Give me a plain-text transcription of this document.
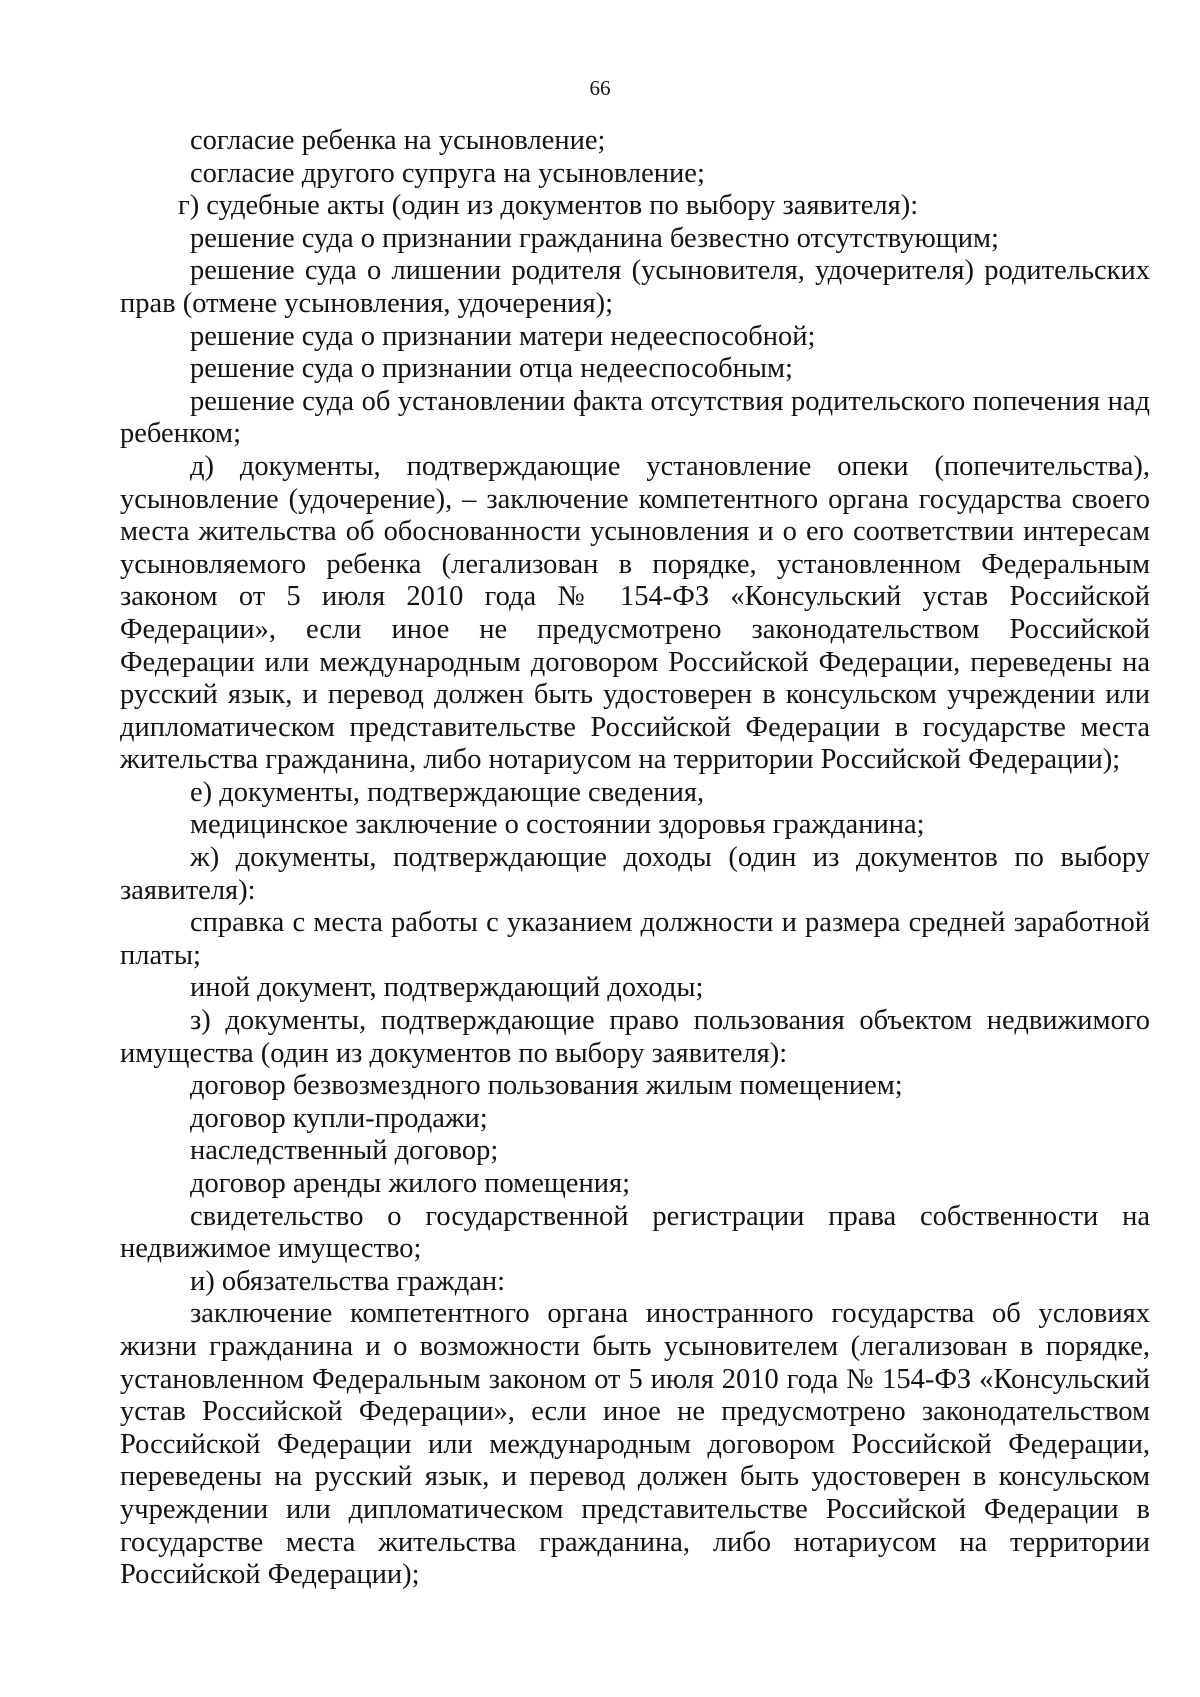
66

согласие ребенка на усыновление;

согласие другого супруга на усыновление;

г) судебные акты (один из документов по выбору заявителя):

решение суда о признании гражданина безвестно отсутствующим;

решение суда о лишении родителя (усыновителя, удочерителя) родительских прав (отмене усыновления, удочерения);

решение суда о признании матери недееспособной;

решение суда о признании отца недееспособным;

решение суда об установлении факта отсутствия родительского попечения над ребенком;

д) документы, подтверждающие установление опеки (попечительства), усыновление (удочерение), – заключение компетентного органа государства своего места жительства об обоснованности усыновления и о его соответствии интересам усыновляемого ребенка (легализован в порядке, установленном Федеральным законом от 5 июля 2010 года № 154-ФЗ «Консульский устав Российской Федерации», если иное не предусмотрено законодательством Российской Федерации или международным договором Российской Федерации, переведены на русский язык, и перевод должен быть удостоверен в консульском учреждении или дипломатическом представительстве Российской Федерации в государстве места жительства гражданина, либо нотариусом на территории Российской Федерации);

е) документы, подтверждающие сведения,

медицинское заключение о состоянии здоровья гражданина;

ж) документы, подтверждающие доходы (один из документов по выбору заявителя):

справка с места работы с указанием должности и размера средней заработной платы;

иной документ, подтверждающий доходы;

з) документы, подтверждающие право пользования объектом недвижимого имущества (один из документов по выбору заявителя):

договор безвозмездного пользования жилым помещением;

договор купли-продажи;

наследственный договор;

договор аренды жилого помещения;

свидетельство о государственной регистрации права собственности на недвижимое имущество;

и) обязательства граждан:

заключение компетентного органа иностранного государства об условиях жизни гражданина и о возможности быть усыновителем (легализован в порядке, установленном Федеральным законом от 5 июля 2010 года № 154-ФЗ «Консульский устав Российской Федерации», если иное не предусмотрено законодательством Российской Федерации или международным договором Российской Федерации, переведены на русский язык, и перевод должен быть удостоверен в консульском учреждении или дипломатическом представительстве Российской Федерации в государстве места жительства гражданина, либо нотариусом на территории Российской Федерации);
